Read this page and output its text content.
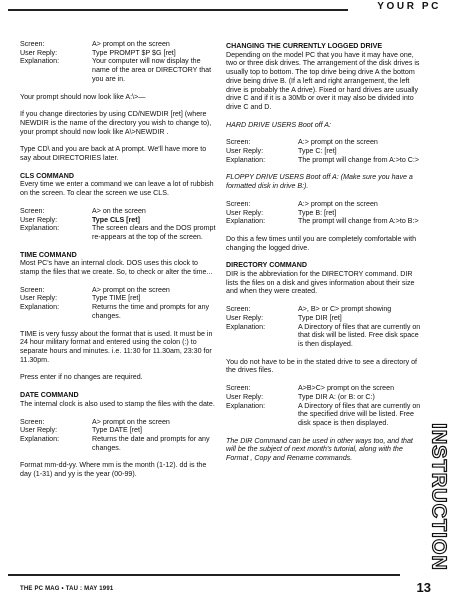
YOUR PC
Screen:	A> prompt on the screen
User Reply:	Type PROMPT $P $G [ret]
Explanation:	Your computer will now display the name of the area or DIRECTORY that you are in.

Your prompt should now look like A:\>—

If you change directories by using CD/NEWDIR [ret] (where NEWDIR is the name of the directory you wish to change to), your prompt should now look like A\>NEWDIR .

Type CD\ and you are back at A prompt. We'll have more to say about DIRECTORIES later.

CLS COMMAND

Every time we enter a command we can leave a lot of rubbish on the screen. To clear the screen we use CLS.

Screen:	A> on the screen
User Reply:	Type CLS [ret]
Explanation:	The screen clears and the DOS prompt re-appears at the top of the screen.

TIME COMMAND

Most PC's have an internal clock. DOS uses this clock to stamp the files that we create. So, to check or alter the time...

Screen:	A> prompt on the screen
User Reply:	Type TIME [ret]
Explanation:	Returns the time and prompts for any changes.

TIME is very fussy about the format that is used. It must be in 24 hour military format and entered using the colon (:) to separate hours and minutes. i.e. 11:30 for 11.30am, 23:30 for 11.30pm.

Press enter if no changes are required.

DATE COMMAND

The internal clock is also used to stamp the files with the date.

Screen:	A> prompt on the screen
User Reply:	Type DATE [ret]
Explanation:	Returns the date and prompts for any changes.

Format mm-dd-yy. Where mm is the month (1-12). dd is the day (1-31) and yy is the year (00-99).

CHANGING THE CURRENTLY LOGGED DRIVE

Depending on the model PC that you have it may have one, two or three disk drives. The arrangement of the disk drives is usually top to bottom. The top drive being drive A the bottom drive being drive B. (If a left and right arrangement, the left drive is probably the A drive). Fixed or hard drives are usually drive C and if it is a 30Mb or over it may also be divided into drive C and D.

HARD DRIVE USERS Boot off A:

Screen:	A:> prompt on the screen
User Reply:	Type C: [ret]
Explanation:	The prompt will change from A:>to C:>

FLOPPY DRIVE USERS Boot off A: (Make sure you have a formatted disk in drive B:).

Screen:	A:> prompt on the screen
User Reply:	Type B: [ret]
Explanation:	The prompt will change from A:>to B:>

Do this a few times until you are completely comfortable with changing the logged drive.

DIRECTORY COMMAND

DIR is the abbreviation for the DIRECTORY command. DIR lists the files on a disk and gives information about their size and when they were created.

Screen:	A>, B> or C> prompt showing
User Reply:	Type DIR [ret]
Explanation:	A Directory of files that are currently on that disk will be listed. Free disk space is then displayed.

You do not have to be in the stated drive to see a directory of the drives files.

Screen:	A>B>C> prompt on the screen
User Reply:	Type DIR A: (or B: or C:)
Explanation:	A Directory of files that are currently on the specified drive will be listed. Free disk space is then displayed.

The DIR Command can be used in other ways too, and that will be the subject of next month's tutorial, along with the Format , Copy and Rename commands.	INSTRUCTION
THE PC MAG • TAU : MAY 1991	13
